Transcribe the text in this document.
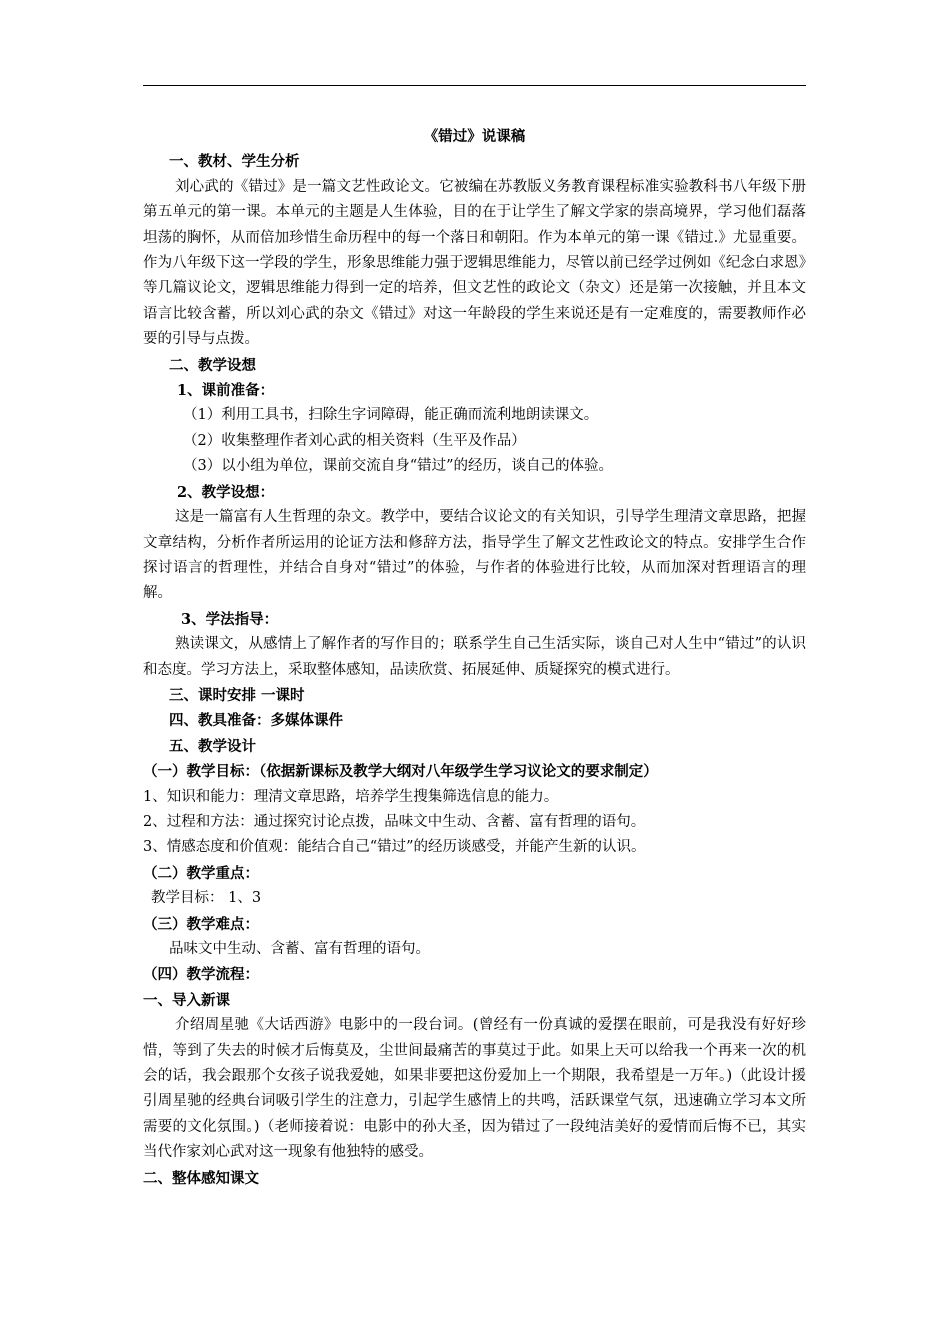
《错过》说课稿

一、教材、学生分析

刘心武的《错过》是一篇文艺性政论文。它被编在苏教版义务教育课程标准实验教科书八年级下册第五单元的第一课。本单元的主题是人生体验，目的在于让学生了解文学家的崇高境界，学习他们磊落坦荡的胸怀，从而倍加珍惜生命历程中的每一个落日和朝阳。作为本单元的第一课《错过.》尤显重要。作为八年级下这一学段的学生，形象思维能力强于逻辑思维能力，尽管以前已经学过例如《纪念白求恩》等几篇议论文，逻辑思维能力得到一定的培养，但文艺性的政论文（杂文）还是第一次接触，并且本文语言比较含蓄，所以刘心武的杂文《错过》对这一年龄段的学生来说还是有一定难度的，需要教师作必要的引导与点拨。

二、教学设想

1、课前准备：

（1）利用工具书，扫除生字词障碍，能正确而流利地朗读课文。

（2）收集整理作者刘心武的相关资料（生平及作品）

（3）以小组为单位，课前交流自身“错过”的经历，谈自己的体验。

2、教学设想：

这是一篇富有人生哲理的杂文。教学中，要结合议论文的有关知识，引导学生理清文章思路，把握文章结构，分析作者所运用的论证方法和修辞方法，指导学生了解文艺性政论文的特点。安排学生合作探讨语言的哲理性，并结合自身对“错过”的体验，与作者的体验进行比较，从而加深对哲理语言的理解。

3、学法指导：

熟读课文，从感情上了解作者的写作目的；联系学生自己生活实际，谈自己对人生中“错过”的认识和态度。学习方法上，采取整体感知，品读欣赏、拓展延伸、质疑探究的模式进行。

三、课时安排 一课时

四、教具准备：多媒体课件

五、教学设计

（一）教学目标：（依据新课标及教学大纲对八年级学生学习议论文的要求制定）

1、知识和能力：理清文章思路，培养学生搜集筛选信息的能力。

2、过程和方法：通过探究讨论点拨，品味文中生动、含蓄、富有哲理的语句。

3、情感态度和价值观：能结合自己“错过”的经历谈感受，并能产生新的认识。

（二）教学重点：

教学目标： 1、3

（三）教学难点：

品味文中生动、含蓄、富有哲理的语句。

（四）教学流程：

一、导入新课

介绍周星驰《大话西游》电影中的一段台词。(曾经有一份真诚的爱摆在眼前，可是我没有好好珍惜，等到了失去的时候才后悔莫及，尘世间最痛苦的事莫过于此。如果上天可以给我一个再来一次的机会的话，我会跟那个女孩子说我爱她，如果非要把这份爱加上一个期限，我希望是一万年。)（此设计援引周星驰的经典台词吸引学生的注意力，引起学生感情上的共鸣，活跃课堂气氛，迅速确立学习本文所需要的文化氛围。)（老师接着说：电影中的孙大圣，因为错过了一段纯洁美好的爱情而后悔不已，其实当代作家刘心武对这一现象有他独特的感受。

二、整体感知课文
